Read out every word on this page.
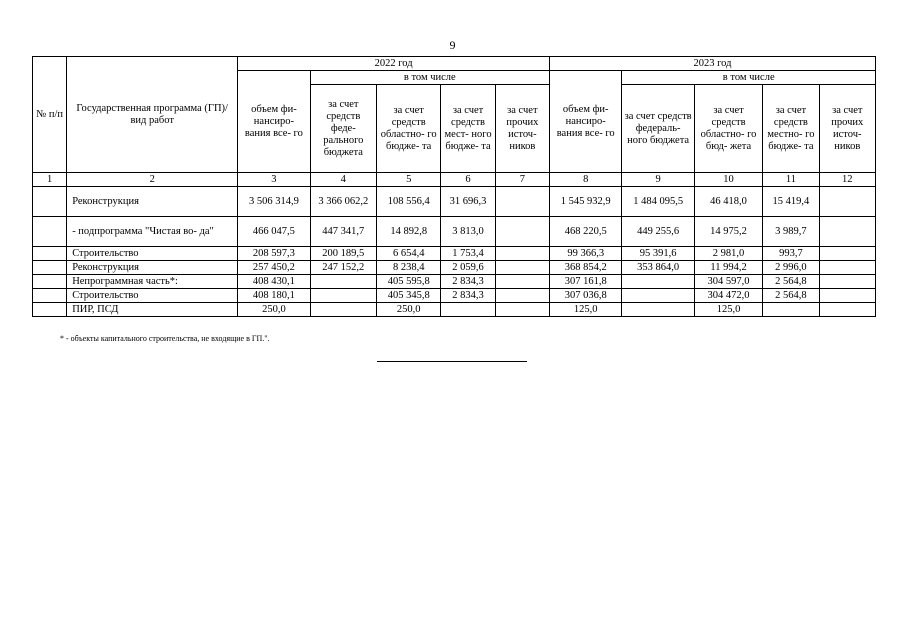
9
№ п/п	Государственная программа (ГП)/ вид работ	2022 год					2023 год				
		объем фи- нансиро- вания все- го	в том числе				объем фи- нансиро- вания все- го	в том числе			
			за счет средств феде- рального бюджета	за счет средств областно- го бюдже- та	за счет средств мест- ного бюдже- та	за счет прочих источ- ников		за счет средств федераль- ного бюджета	за счет средств областно- го бюд- жета	за счет средств местно- го бюдже- та	за счет прочих источ- ников
1	2	3	4	5	6	7	8	9	10	11	12
	Реконструкция	3 506 314,9	3 366 062,2	108 556,4	31 696,3		1 545 932,9	1 484 095,5	46 418,0	15 419,4	
	- подпрограмма "Чистая во- да"	466 047,5	447 341,7	14 892,8	3 813,0		468 220,5	449 255,6	14 975,2	3 989,7	
	Строительство	208 597,3	200 189,5	6 654,4	1 753,4		99 366,3	95 391,6	2 981,0	993,7	
	Реконструкция	257 450,2	247 152,2	8 238,4	2 059,6		368 854,2	353 864,0	11 994,2	2 996,0	
	Непрограммная часть*:	408 430,1		405 595,8	2 834,3		307 161,8		304 597,0	2 564,8	
	Строительство	408 180,1		405 345,8	2 834,3		307 036,8		304 472,0	2 564,8	
	ПИР, ПСД	250,0		250,0			125,0		125,0		
* - объекты капитального строительства, не входящие в ГП.".
